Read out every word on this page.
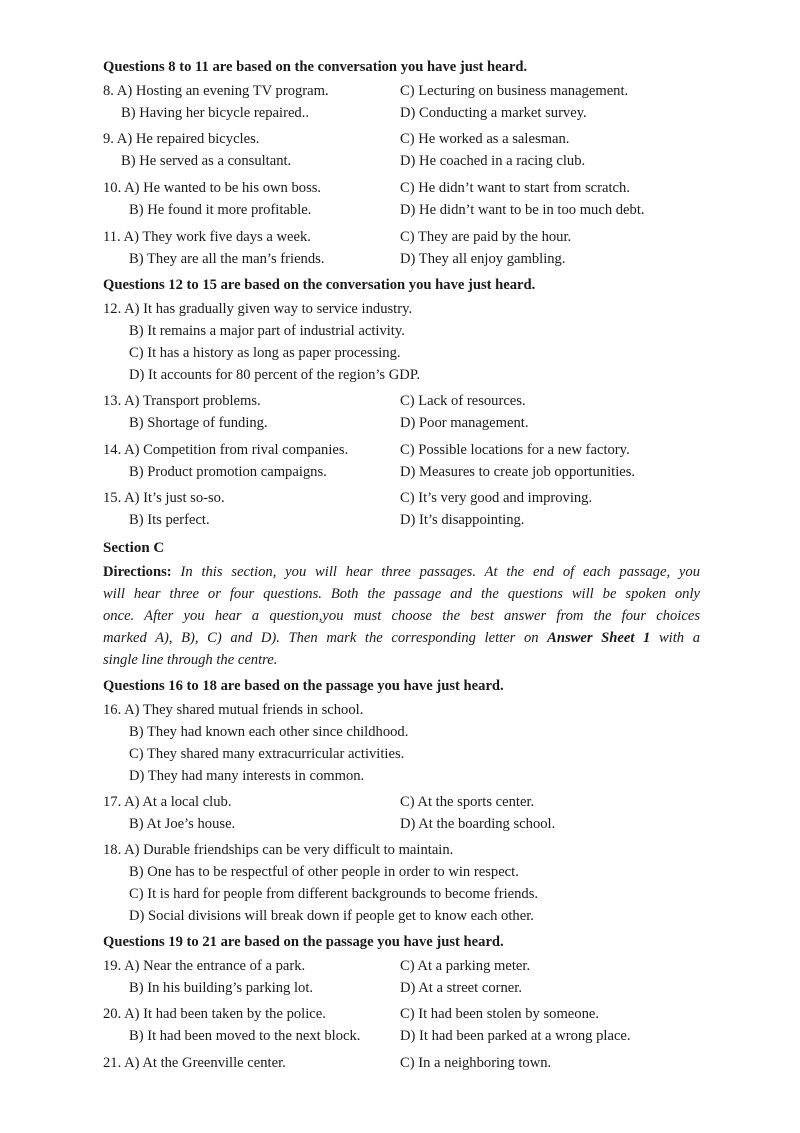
Questions 8 to 11 are based on the conversation you have just heard.
8. A) Hosting an evening TV program.	C) Lecturing on business management.
B) Having her bicycle repaired..	D) Conducting a market survey.
9. A) He repaired bicycles.	C) He worked as a salesman.
B) He served as a consultant.	D) He coached in a racing club.
10. A) He wanted to be his own boss.	C) He didn’t want to start from scratch.
B) He found it more profitable.	D) He didn’t want to be in too much debt.
11. A) They work five days a week.	C) They are paid by the hour.
B) They are all the man’s friends.	D) They all enjoy gambling.
Questions 12 to 15 are based on the conversation you have just heard.
12. A) It has gradually given way to service industry.
B) It remains a major part of industrial activity.
C) It has a history as long as paper processing.
D) It accounts for 80 percent of the region’s GDP.
13. A) Transport problems.	C) Lack of resources.
B) Shortage of funding.	D) Poor management.
14. A) Competition from rival companies.	C) Possible locations for a new factory.
B) Product promotion campaigns.	D) Measures to create job opportunities.
15. A) It’s just so-so.	C) It’s very good and improving.
B) Its perfect.	D) It’s disappointing.
Section C
Directions: In this section, you will hear three passages. At the end of each passage, you
will hear three or four questions. Both the passage and the questions will be spoken only
once. After you hear a question,you must choose the best answer from the four choices
marked A), B), C) and D). Then mark the corresponding letter on Answer Sheet 1 with a
single line through the centre.
Questions 16 to 18 are based on the passage you have just heard.
16. A) They shared mutual friends in school.
B) They had known each other since childhood.
C) They shared many extracurricular activities.
D) They had many interests in common.
17. A) At a local club.	C) At the sports center.
B) At Joe’s house.	D) At the boarding school.
18. A) Durable friendships can be very difficult to maintain.
B) One has to be respectful of other people in order to win respect.
C) It is hard for people from different backgrounds to become friends.
D) Social divisions will break down if people get to know each other.
Questions 19 to 21 are based on the passage you have just heard.
19. A) Near the entrance of a park.	C) At a parking meter.
B) In his building’s parking lot.	D) At a street corner.
20. A) It had been taken by the police.	C) It had been stolen by someone.
B) It had been moved to the next block.	D) It had been parked at a wrong place.
21. A) At the Greenville center.	C) In a neighboring town.
